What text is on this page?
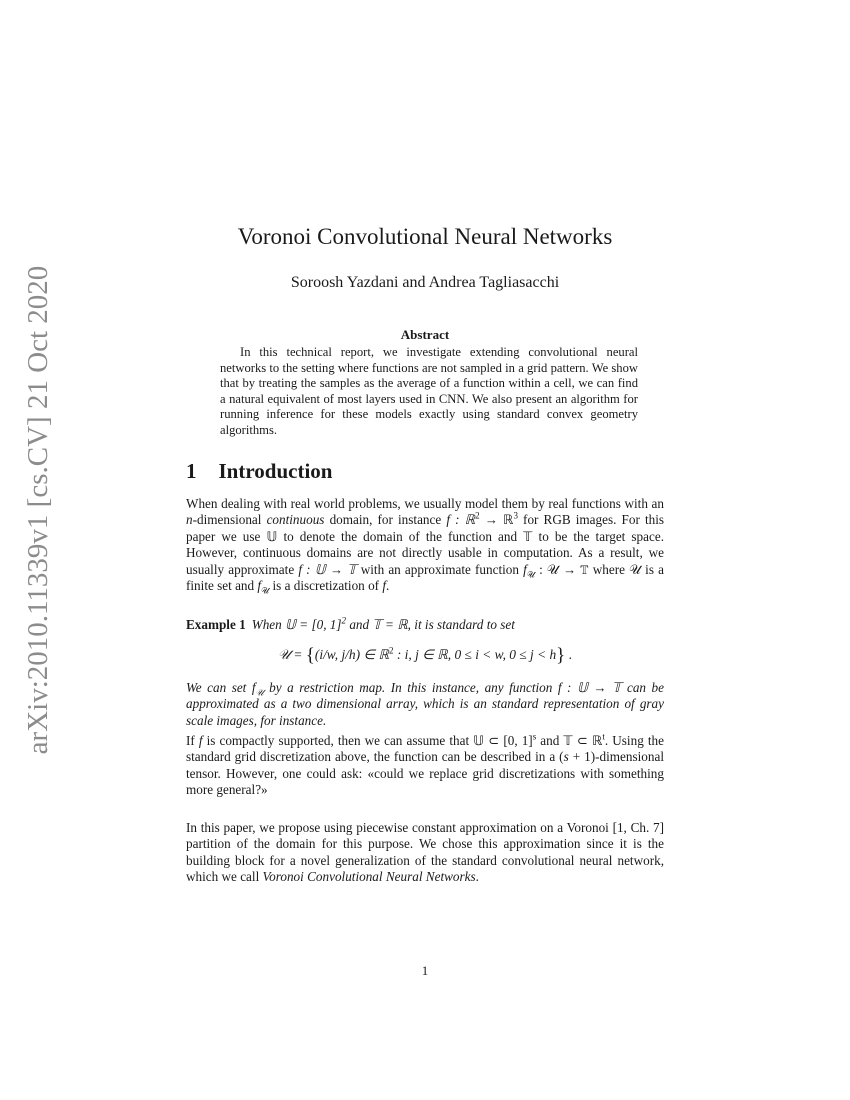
arXiv:2010.11339v1 [cs.CV] 21 Oct 2020
Voronoi Convolutional Neural Networks
Soroosh Yazdani and Andrea Tagliasacchi
Abstract
In this technical report, we investigate extending convolutional neural networks to the setting where functions are not sampled in a grid pattern. We show that by treating the samples as the average of a function within a cell, we can find a natural equivalent of most layers used in CNN. We also present an algorithm for running inference for these models exactly using standard convex geometry algorithms.
1 Introduction
When dealing with real world problems, we usually model them by real functions with an n-dimensional continuous domain, for instance f : ℝ$^2$ → ℝ$^3$ for RGB images. For this paper we use 𝕌 to denote the domain of the function and 𝕋 to be the target space. However, continuous domains are not directly usable in computation. As a result, we usually approximate f : 𝕌 → 𝕋 with an approximate function $f_𝒰$ : 𝒰 → 𝕋 where 𝒰 is a finite set and $f_𝒰$ is a discretization of f.
Example 1 When 𝕌 = [0, 1]$^2$ and 𝕋 = ℝ, it is standard to set
𝒰 = {(i/w, j/h) ∈ ℝ$^2$ : i, j ∈ ℝ, 0 ≤ i < w, 0 ≤ j < h} .
We can set $f_𝒰$ by a restriction map. In this instance, any function f : 𝕌 → 𝕋 can be approximated as a two dimensional array, which is an standard representation of gray scale images, for instance.
If f is compactly supported, then we can assume that 𝕌 ⊂ [0, 1]$^s$ and 𝕋 ⊂ ℝ$^t$. Using the standard grid discretization above, the function can be described in a (s + 1)-dimensional tensor. However, one could ask: «could we replace grid discretizations with something more general?»
In this paper, we propose using piecewise constant approximation on a Voronoi [1, Ch. 7] partition of the domain for this purpose. We chose this approximation since it is the building block for a novel generalization of the standard convolutional neural network, which we call Voronoi Convolutional Neural Networks.
1
